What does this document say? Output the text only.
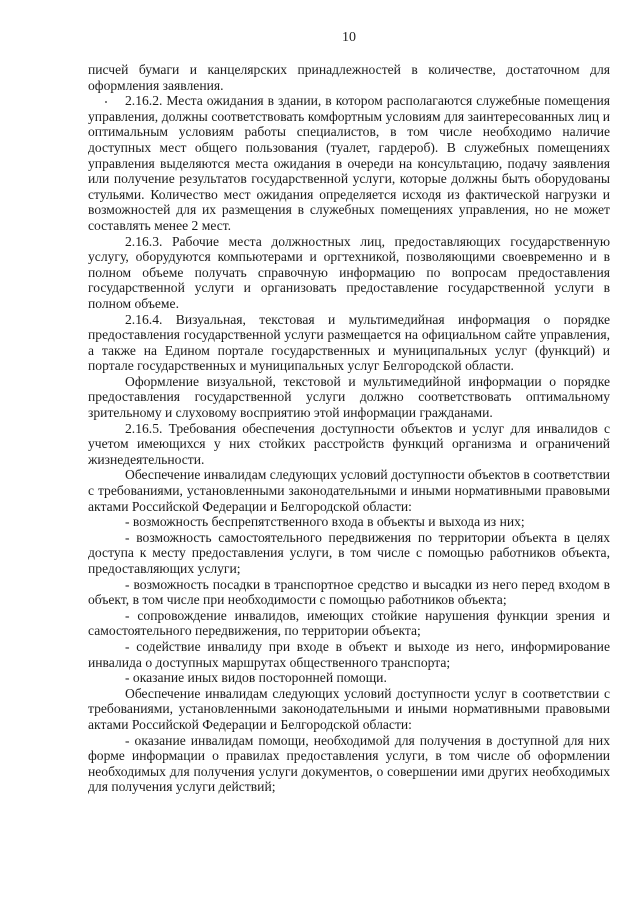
10

писчей бумаги и канцелярских принадлежностей в количестве, достаточном для оформления заявления.

2.16.2. Места ожидания в здании, в котором располагаются служебные помещения управления, должны соответствовать комфортным условиям для заинтересованных лиц и оптимальным условиям работы специалистов, в том числе необходимо наличие доступных мест общего пользования (туалет, гардероб). В служебных помещениях управления выделяются места ожидания в очереди на консультацию, подачу заявления или получение результатов государственной услуги, которые должны быть оборудованы стульями. Количество мест ожидания определяется исходя из фактической нагрузки и возможностей для их размещения в служебных помещениях управления, но не может составлять менее 2 мест.

2.16.3. Рабочие места должностных лиц, предоставляющих государственную услугу, оборудуются компьютерами и оргтехникой, позволяющими своевременно и в полном объеме получать справочную информацию по вопросам предоставления государственной услуги и организовать предоставление государственной услуги в полном объеме.

2.16.4. Визуальная, текстовая и мультимедийная информация о порядке предоставления государственной услуги размещается на официальном сайте управления, а также на Едином портале государственных и муниципальных услуг (функций) и портале государственных и муниципальных услуг Белгородской области.

Оформление визуальной, текстовой и мультимедийной информации о порядке предоставления государственной услуги должно соответствовать оптимальному зрительному и слуховому восприятию этой информации гражданами.

2.16.5. Требования обеспечения доступности объектов и услуг для инвалидов с учетом имеющихся у них стойких расстройств функций организма и ограничений жизнедеятельности.

Обеспечение инвалидам следующих условий доступности объектов в соответствии с требованиями, установленными законодательными и иными нормативными правовыми актами Российской Федерации и Белгородской области:

- возможность беспрепятственного входа в объекты и выхода из них;

- возможность самостоятельного передвижения по территории объекта в целях доступа к месту предоставления услуги, в том числе с помощью работников объекта, предоставляющих услуги;

- возможность посадки в транспортное средство и высадки из него перед входом в объект, в том числе при необходимости с помощью работников объекта;

- сопровождение инвалидов, имеющих стойкие нарушения функции зрения и самостоятельного передвижения, по территории объекта;

- содействие инвалиду при входе в объект и выходе из него, информирование инвалида о доступных маршрутах общественного транспорта;

- оказание иных видов посторонней помощи.

Обеспечение инвалидам следующих условий доступности услуг в соответствии с требованиями, установленными законодательными и иными нормативными правовыми актами Российской Федерации и Белгородской области:

- оказание инвалидам помощи, необходимой для получения в доступной для них форме информации о правилах предоставления услуги, в том числе об оформлении необходимых для получения услуги документов, о совершении ими других необходимых для получения услуги действий;
